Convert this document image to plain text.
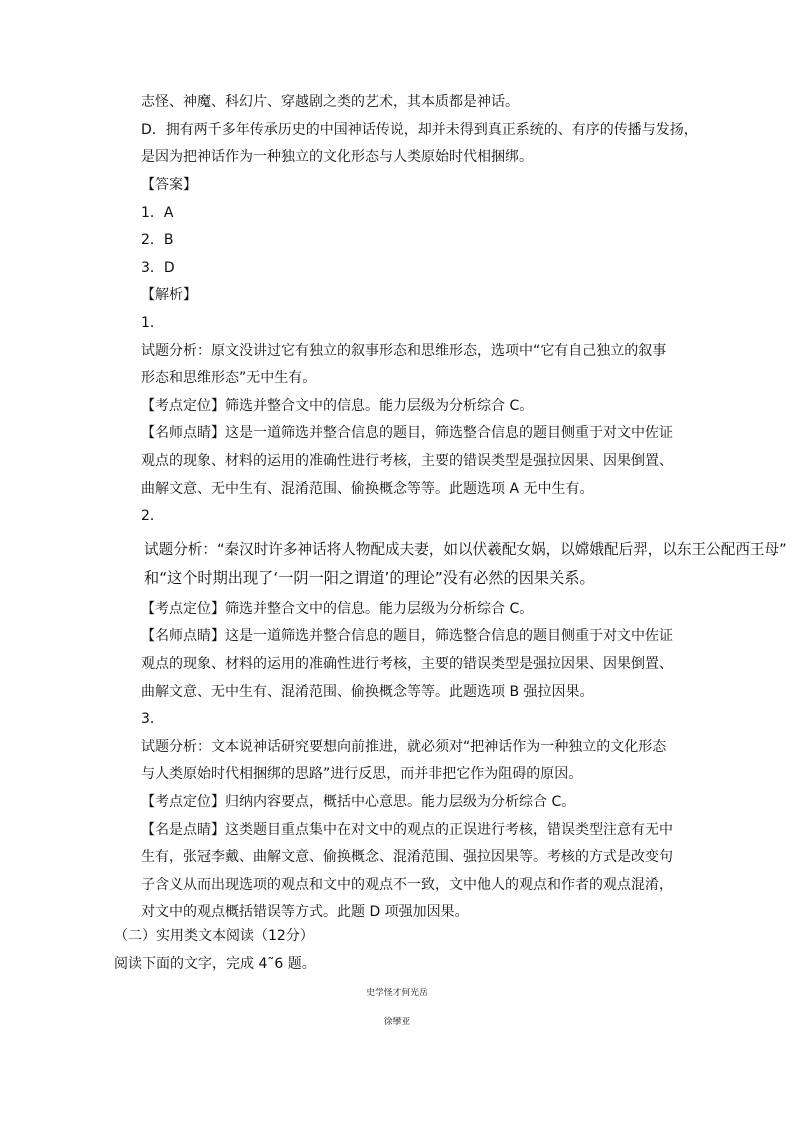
志怪、神魔、科幻片、穿越剧之类的艺术，其本质都是神话。
D．拥有两千多年传承历史的中国神话传说，却并未得到真正系统的、有序的传播与发扬，
是因为把神话作为一种独立的文化形态与人类原始时代相捆绑。
【答案】
1．A
2．B
3．D
【解析】
1．
试题分析：原文没讲过它有独立的叙事形态和思维形态，选项中“它有自己独立的叙事
形态和思维形态”无中生有。
【考点定位】筛选并整合文中的信息。能力层级为分析综合 C。
【名师点睛】这是一道筛选并整合信息的题目，筛选整合信息的题目侧重于对文中佐证
观点的现象、材料的运用的准确性进行考核，主要的错误类型是强拉因果、因果倒置、
曲解文意、无中生有、混淆范围、偷换概念等等。此题选项 A 无中生有。
2．
试题分析：“秦汉时许多神话将人物配成夫妻，如以伏羲配女娲，以嫦娥配后羿，以东王公配西王母”
和“这个时期出现了‘一阴一阳之谓道’的理论”没有必然的因果关系。
【考点定位】筛选并整合文中的信息。能力层级为分析综合 C。
【名师点睛】这是一道筛选并整合信息的题目，筛选整合信息的题目侧重于对文中佐证
观点的现象、材料的运用的准确性进行考核，主要的错误类型是强拉因果、因果倒置、
曲解文意、无中生有、混淆范围、偷换概念等等。此题选项 B 强拉因果。
3．
试题分析：文本说神话研究要想向前推进，就必须对“把神话作为一种独立的文化形态
与人类原始时代相捆绑的思路”进行反思，而并非把它作为阻碍的原因。
【考点定位】归纳内容要点，概括中心意思。能力层级为分析综合 C。
【名是点睛】这类题目重点集中在对文中的观点的正误进行考核，错误类型注意有无中
生有，张冠李戴、曲解文意、偷换概念、混淆范围、强拉因果等。考核的方式是改变句
子含义从而出现选项的观点和文中的观点不一致，文中他人的观点和作者的观点混淆，
对文中的观点概括错误等方式。此题 D 项强加因果。
（二）实用类文本阅读（12分）
阅读下面的文字，完成 4˜6 题。
史学怪才何光岳
徐孿亚
